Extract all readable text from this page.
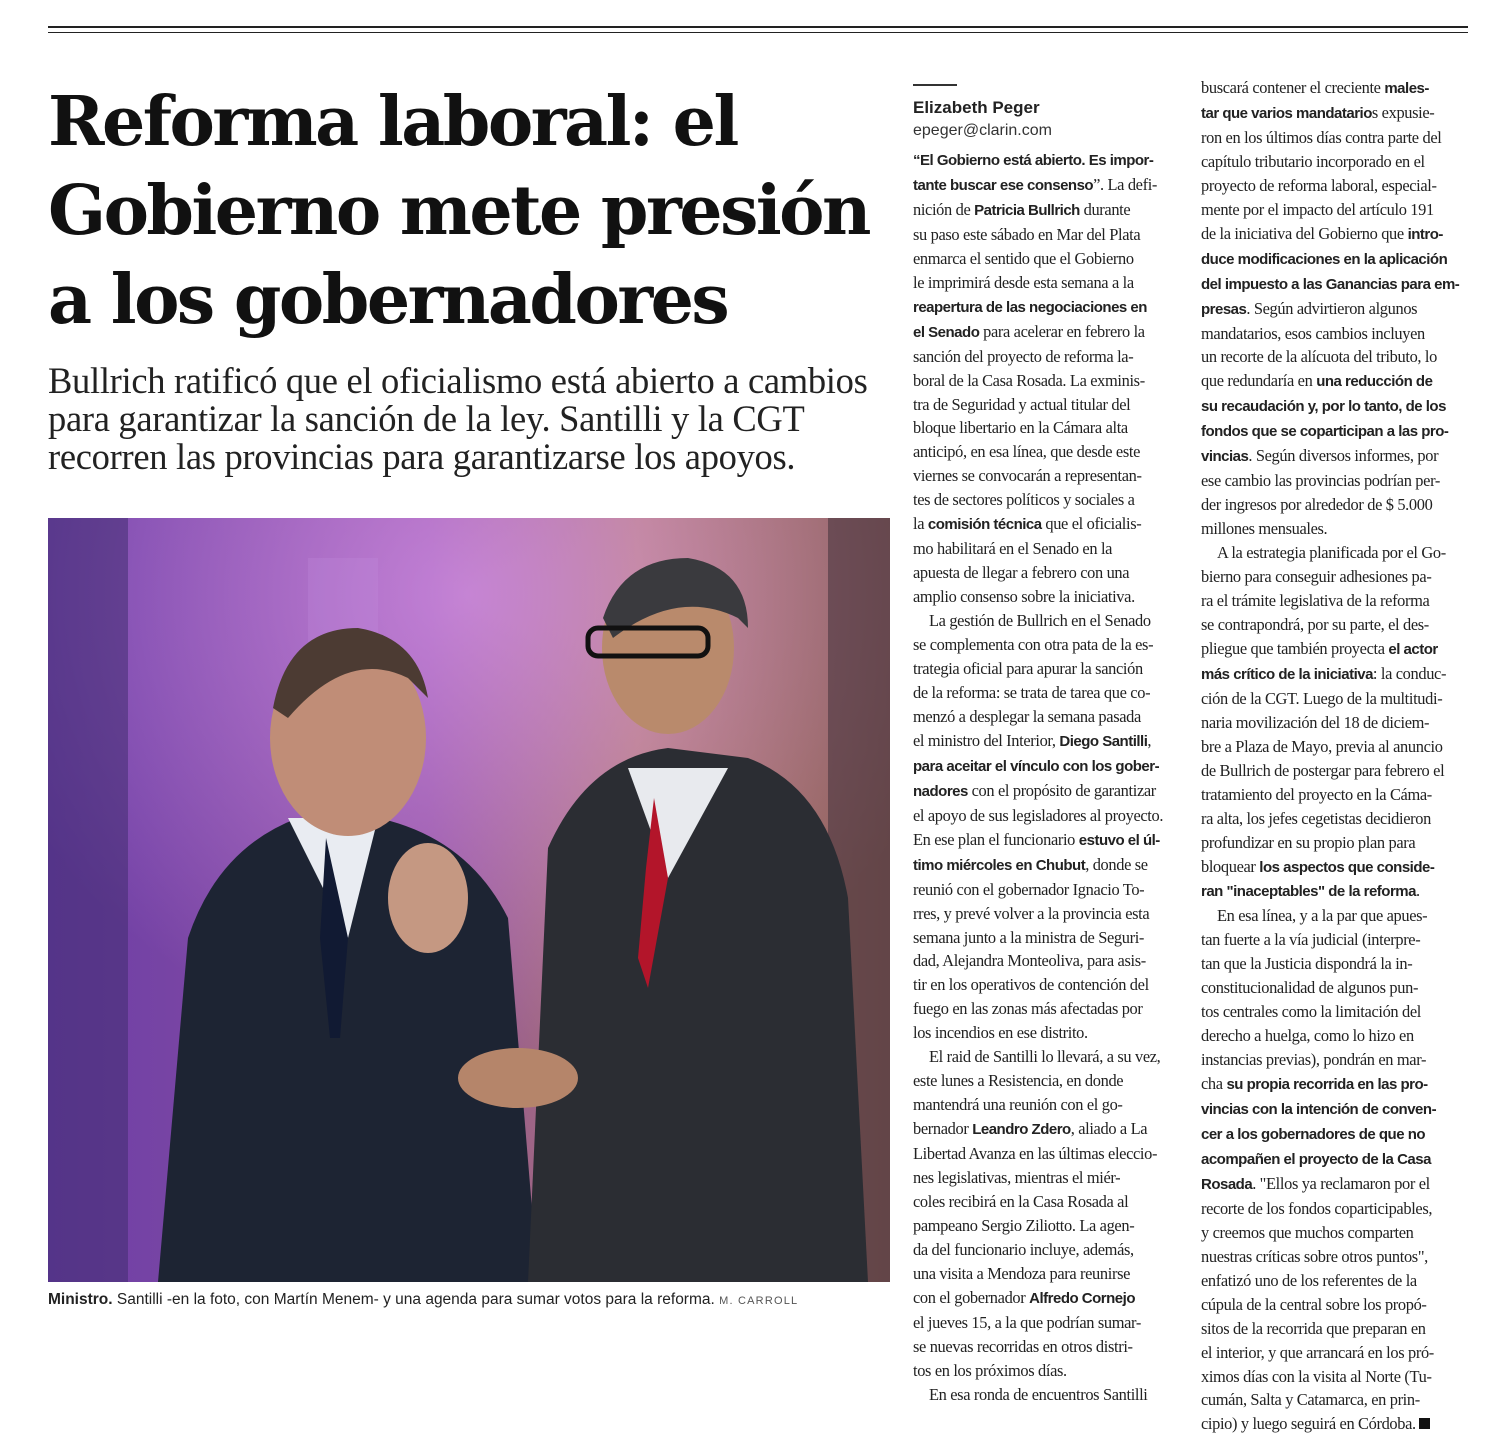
Reforma laboral: el
Gobierno mete presión
a los gobernadores

Bullrich ratificó que el oficialismo está abierto a cambios
para garantizar la sanción de la ley. Santilli y la CGT
recorren las provincias para garantizarse los apoyos.

Ministro. Santilli -en la foto, con Martín Menem- y una agenda para sumar votos para la reforma. M. CARROLL

Elizabeth Peger
epeger@clarin.com
“El Gobierno está abierto. Es impor-
tante buscar ese consenso”. La defi-
nición de Patricia Bullrich durante
su paso este sábado en Mar del Plata
enmarca el sentido que el Gobierno
le imprimirá desde esta semana a la
reapertura de las negociaciones en
el Senado para acelerar en febrero la
sanción del proyecto de reforma la-
boral de la Casa Rosada. La exminis-
tra de Seguridad y actual titular del
bloque libertario en la Cámara alta
anticipó, en esa línea, que desde este
viernes se convocarán a representan-
tes de sectores políticos y sociales a
la comisión técnica que el oficialis-
mo habilitará en el Senado en la
apuesta de llegar a febrero con una
amplio consenso sobre la iniciativa.
La gestión de Bullrich en el Senado
se complementa con otra pata de la es-
trategia oficial para apurar la sanción
de la reforma: se trata de tarea que co-
menzó a desplegar la semana pasada
el ministro del Interior, Diego Santilli,
para aceitar el vínculo con los gober-
nadores con el propósito de garantizar
el apoyo de sus legisladores al proyecto.
En ese plan el funcionario estuvo el úl-
timo miércoles en Chubut, donde se
reunió con el gobernador Ignacio To-
rres, y prevé volver a la provincia esta
semana junto a la ministra de Seguri-
dad, Alejandra Monteoliva, para asis-
tir en los operativos de contención del
fuego en las zonas más afectadas por
los incendios en ese distrito.
El raid de Santilli lo llevará, a su vez,
este lunes a Resistencia, en donde
mantendrá una reunión con el go-
bernador Leandro Zdero, aliado a La
Libertad Avanza en las últimas eleccio-
nes legislativas, mientras el miér-
coles recibirá en la Casa Rosada al
pampeano Sergio Ziliotto. La agen-
da del funcionario incluye, además,
una visita a Mendoza para reunirse
con el gobernador Alfredo Cornejo
el jueves 15, a la que podrían sumar-
se nuevas recorridas en otros distri-
tos en los próximos días.
En esa ronda de encuentros Santilli
buscará contener el creciente males-
tar que varios mandatarios expusie-
ron en los últimos días contra parte del
capítulo tributario incorporado en el
proyecto de reforma laboral, especial-
mente por el impacto del artículo 191
de la iniciativa del Gobierno que intro-
duce modificaciones en la aplicación
del impuesto a las Ganancias para em-
presas. Según advirtieron algunos
mandatarios, esos cambios incluyen
un recorte de la alícuota del tributo, lo
que redundaría en una reducción de
su recaudación y, por lo tanto, de los
fondos que se coparticipan a las pro-
vincias. Según diversos informes, por
ese cambio las provincias podrían per-
der ingresos por alrededor de $ 5.000
millones mensuales.
A la estrategia planificada por el Go-
bierno para conseguir adhesiones pa-
ra el trámite legislativa de la reforma
se contrapondrá, por su parte, el des-
pliegue que también proyecta el actor
más crítico de la iniciativa: la conduc-
ción de la CGT. Luego de la multitudi-
naria movilización del 18 de diciem-
bre a Plaza de Mayo, previa al anuncio
de Bullrich de postergar para febrero el
tratamiento del proyecto en la Cáma-
ra alta, los jefes cegetistas decidieron
profundizar en su propio plan para
bloquear los aspectos que conside-
ran "inaceptables" de la reforma.
En esa línea, y a la par que apues-
tan fuerte a la vía judicial (interpre-
tan que la Justicia dispondrá la in-
constitucionalidad de algunos pun-
tos centrales como la limitación del
derecho a huelga, como lo hizo en
instancias previas), pondrán en mar-
cha su propia recorrida en las pro-
vincias con la intención de conven-
cer a los gobernadores de que no
acompañen el proyecto de la Casa
Rosada. "Ellos ya reclamaron por el
recorte de los fondos coparticipables,
y creemos que muchos comparten
nuestras críticas sobre otros puntos",
enfatizó uno de los referentes de la
cúpula de la central sobre los propó-
sitos de la recorrida que preparan en
el interior, y que arrancará en los pró-
ximos días con la visita al Norte (Tu-
cumán, Salta y Catamarca, en prin-
cipio) y luego seguirá en Córdoba.
